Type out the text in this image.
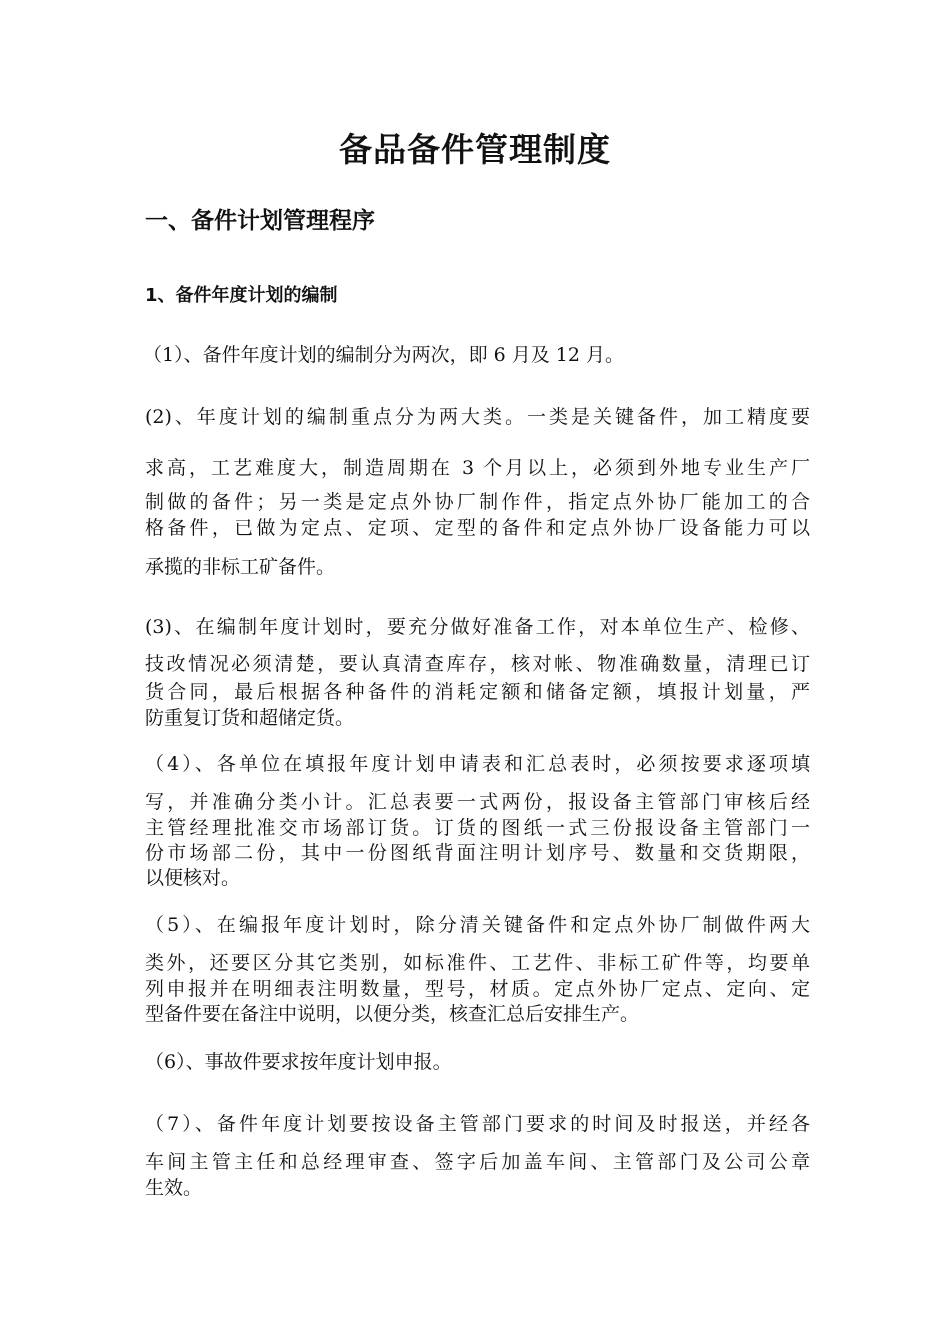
备品备件管理制度
一、备件计划管理程序
1、备件年度计划的编制

（1）、备件年度计划的编制分为两次，即 6 月及 12 月。

(2)、年度计划的编制重点分为两大类。一类是关键备件，加工精度要

求高，工艺难度大，制造周期在 3 个月以上，必须到外地专业生产厂

制做的备件；另一类是定点外协厂制作件，指定点外协厂能加工的合

格备件，已做为定点、定项、定型的备件和定点外协厂设备能力可以

承揽的非标工矿备件。

(3)、在编制年度计划时，要充分做好准备工作，对本单位生产、检修、

技改情况必须清楚，要认真清查库存，核对帐、物准确数量，清理已订

货合同，最后根据各种备件的消耗定额和储备定额，填报计划量，严

防重复订货和超储定货。

（4）、各单位在填报年度计划申请表和汇总表时，必须按要求逐项填

写，并准确分类小计。汇总表要一式两份，报设备主管部门审核后经

主管经理批准交市场部订货。订货的图纸一式三份报设备主管部门一

份市场部二份，其中一份图纸背面注明计划序号、数量和交货期限，

以便核对。

（5）、在编报年度计划时，除分清关键备件和定点外协厂制做件两大

类外，还要区分其它类别，如标准件、工艺件、非标工矿件等，均要单

列申报并在明细表注明数量，型号，材质。定点外协厂定点、定向、定

型备件要在备注中说明，以便分类，核查汇总后安排生产。

（6）、事故件要求按年度计划申报。

（7）、备件年度计划要按设备主管部门要求的时间及时报送，并经各

车间主管主任和总经理审查、签字后加盖车间、主管部门及公司公章

生效。
